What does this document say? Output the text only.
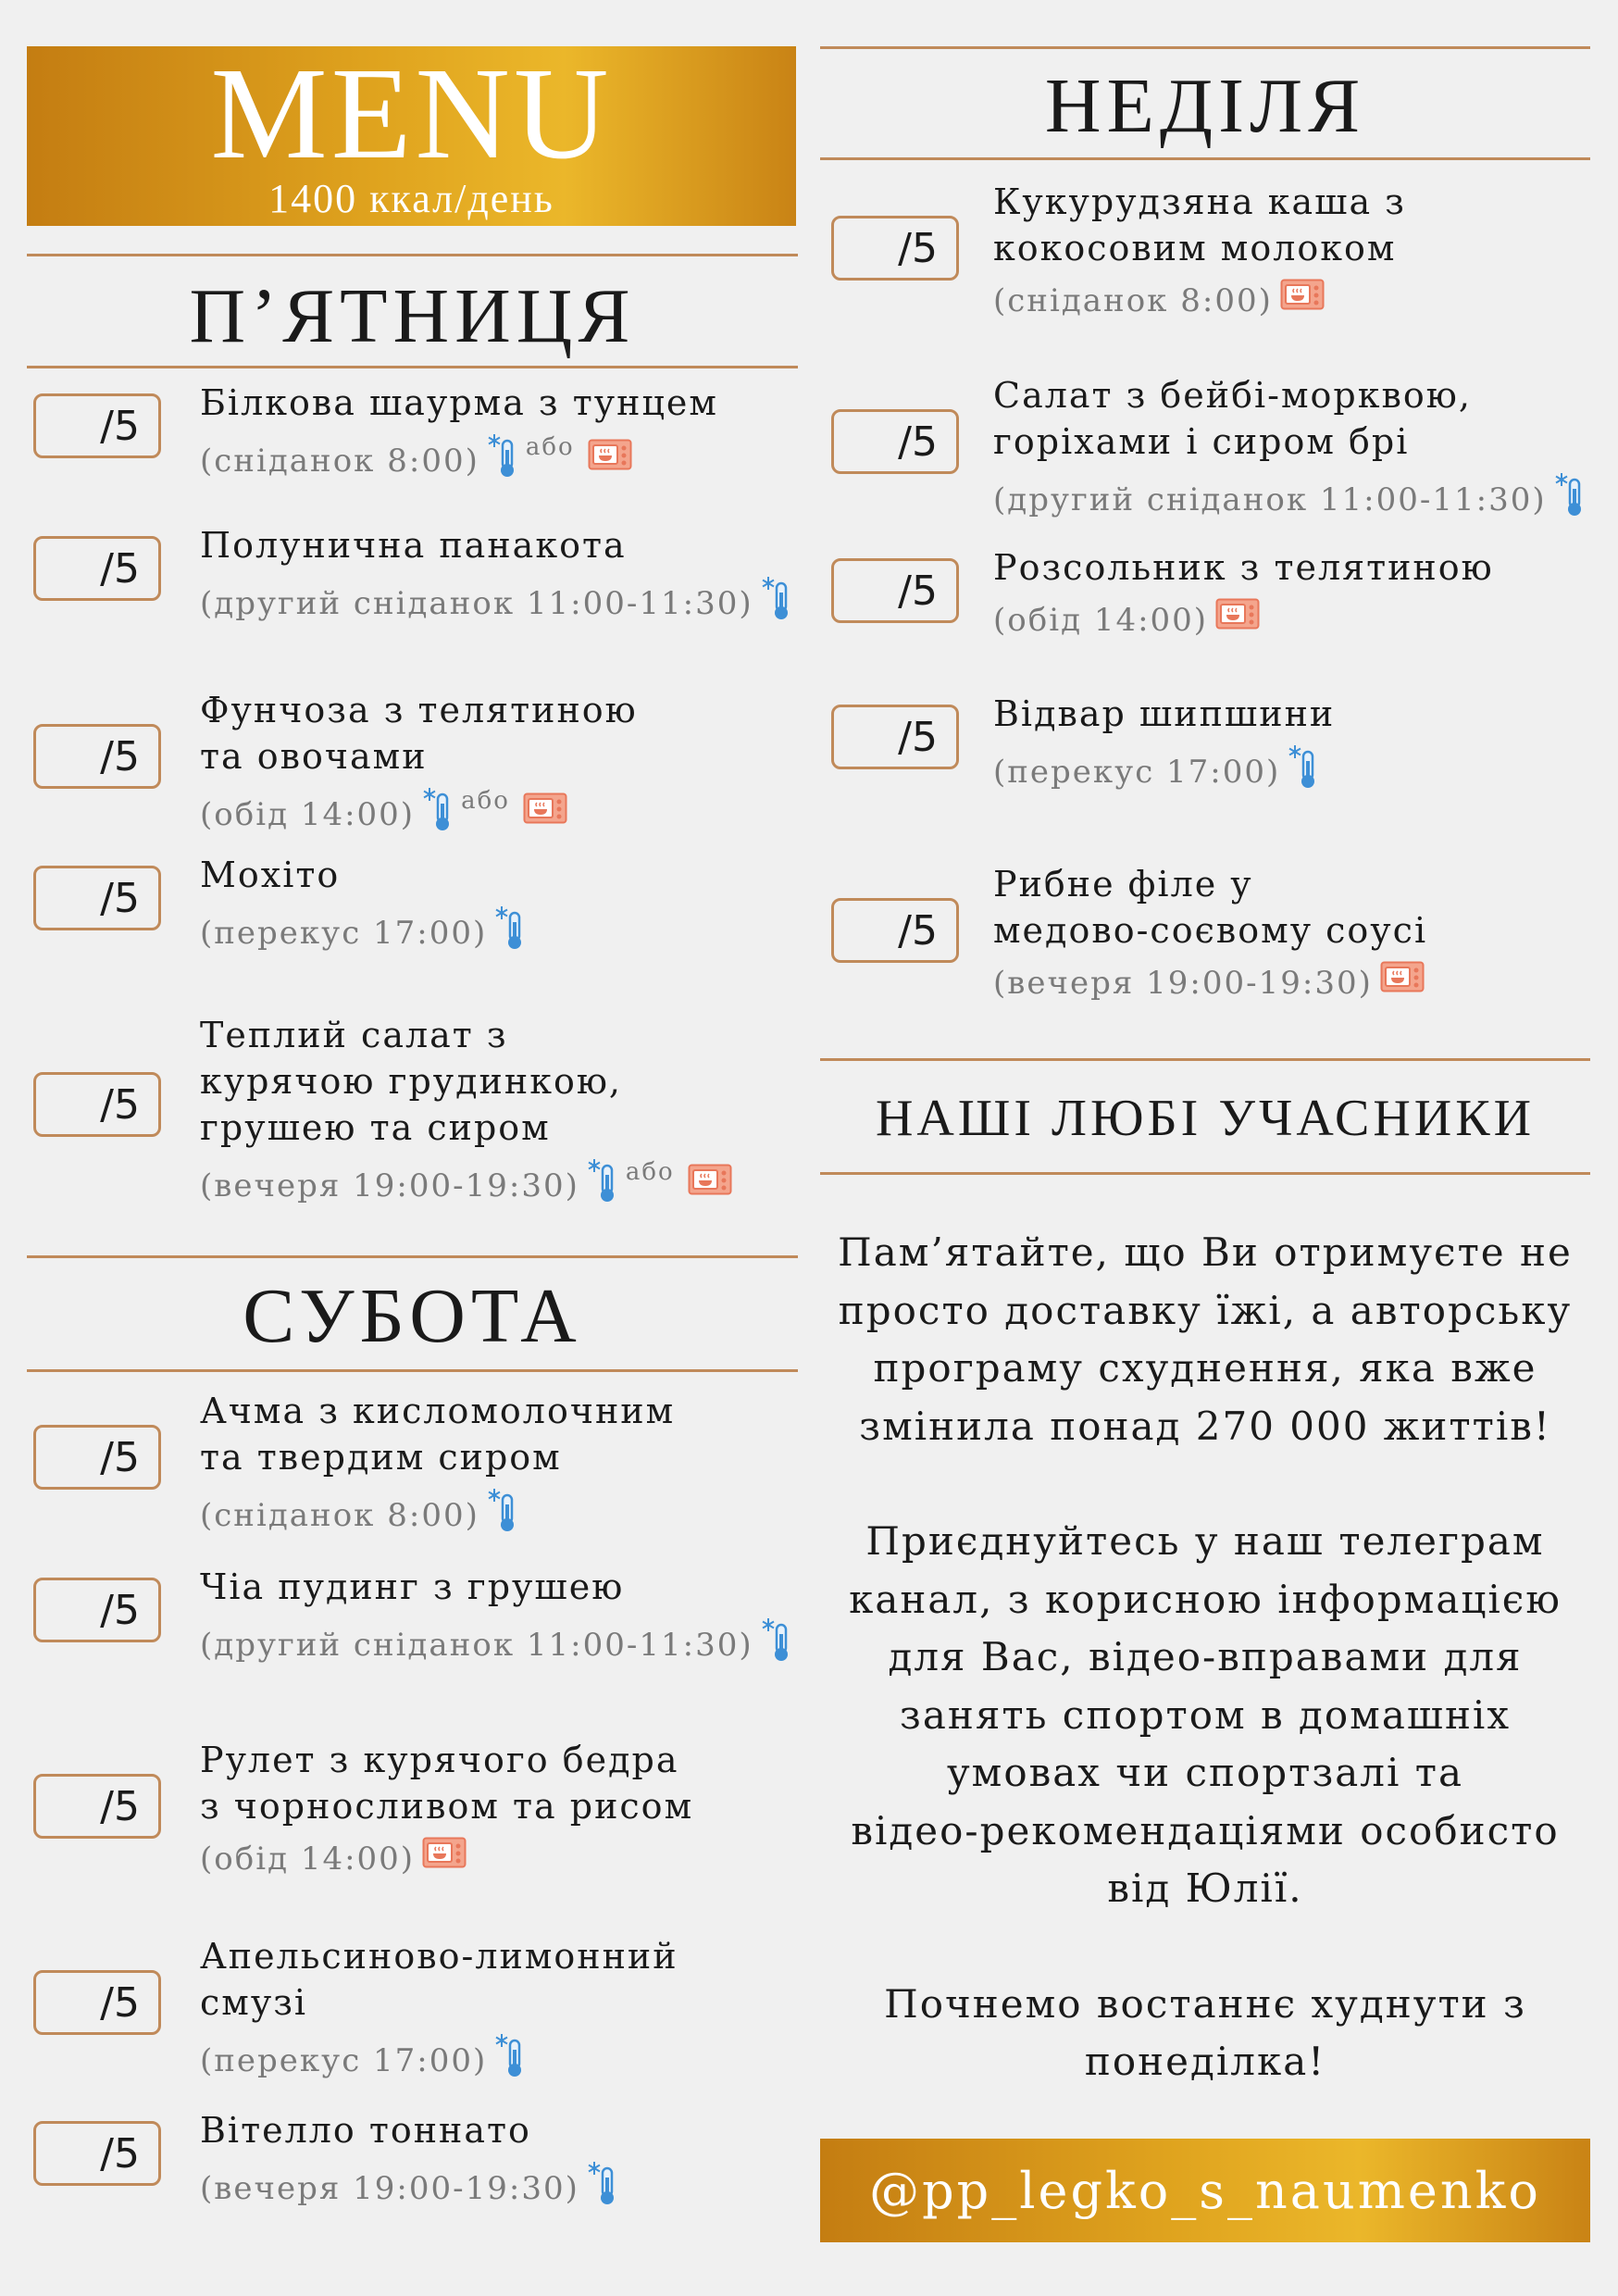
MENU
1400 ккал/день
П’ЯТНИЦЯ
/5	Білкова шаурма з тунцем
(сніданок 8:00) або
/5	Полунична панакота
(другий сніданок 11:00-11:30)
/5
Фунчоза з телятиною
та овочами
(обід 14:00) або
/5	Мохіто
(перекус 17:00)
/5
Теплий салат з
курячою грудинкою,
грушею та сиром
(вечеря 19:00-19:30) або
СУБОТА
/5
Ачма з кисломолочним
та твердим сиром
(сніданок 8:00)
/5	Чіа пудинг з грушею
(другий сніданок 11:00-11:30)
/5
Рулет з курячого бедра
з чорносливом та рисом
(обід 14:00)
/5
Апельсиново-лимонний
смузі
(перекус 17:00)
/5	Вітелло тоннато
(вечеря 19:00-19:30)
НЕДІЛЯ
/5
Кукурудзяна каша з
кокосовим молоком
(сніданок 8:00)
/5
Салат з бейбі-морквою,
горіхами і сиром брі
(другий сніданок 11:00-11:30)
/5	Розсольник з телятиною
(обід 14:00)
/5	Відвар шипшини
(перекус 17:00)
/5
Рибне філе у
медово-соєвому соусі
(вечеря 19:00-19:30)
НАШІ ЛЮБІ УЧАСНИКИ

Пам’ятайте, що Ви отримуєте не
просто доставку їжі, а авторську
програму схуднення, яка вже
змінила понад 270 000 життів!

Приєднуйтесь у наш телеграм
канал, з корисною інформацією
для Вас, відео-вправами для
занять спортом в домашніх
умовах чи спортзалі та
відео-рекомендаціями особисто
від Юлії.

Почнемо востаннє худнути з
понеділка!

@pp_legko_s_naumenko
